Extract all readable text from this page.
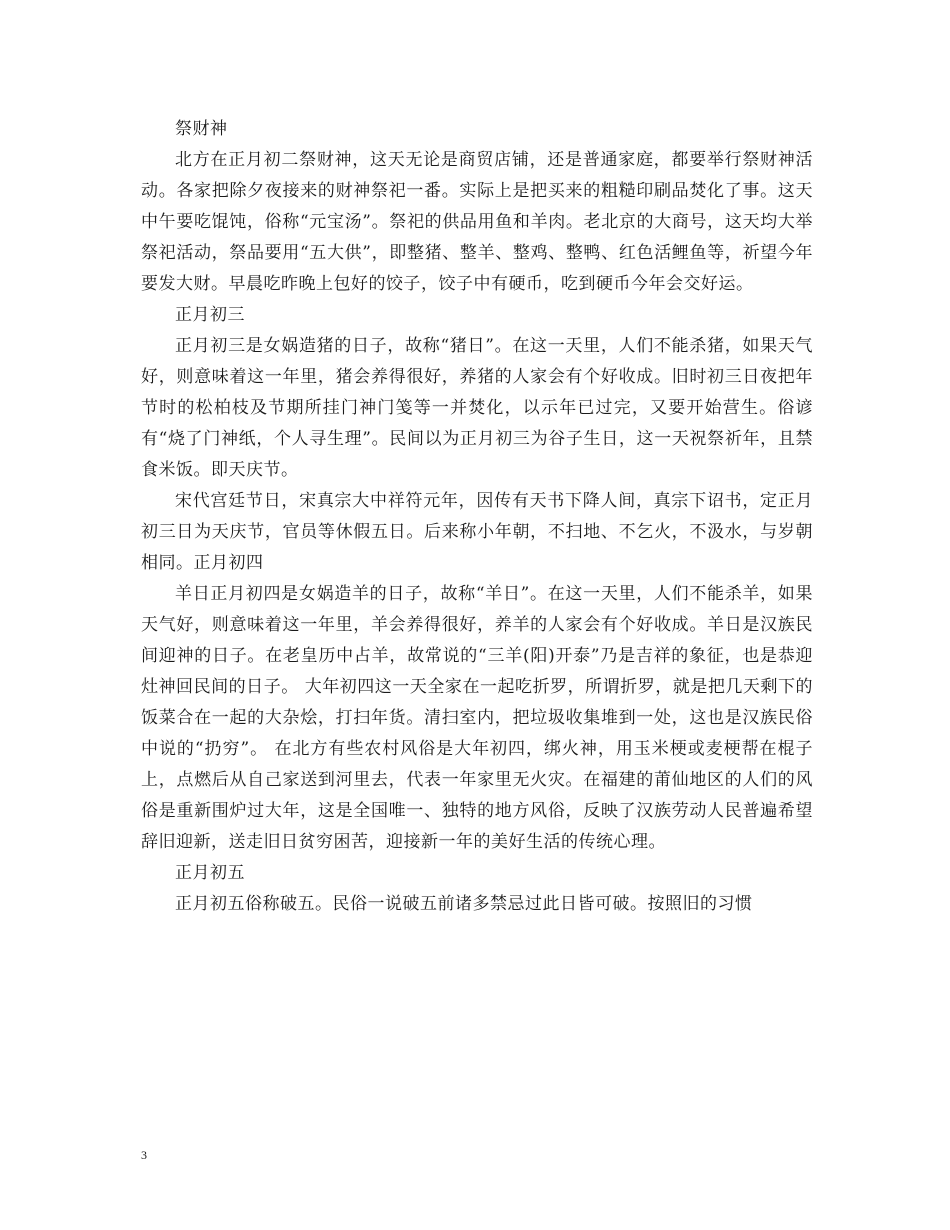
祭财神

北方在正月初二祭财神，这天无论是商贸店铺，还是普通家庭，都要举行祭财神活动。各家把除夕夜接来的财神祭祀一番。实际上是把买来的粗糙印刷品焚化了事。这天中午要吃馄饨，俗称“元宝汤”。祭祀的供品用鱼和羊肉。老北京的大商号，这天均大举祭祀活动，祭品要用“五大供”，即整猪、整羊、整鸡、整鸭、红色活鲤鱼等，祈望今年要发大财。早晨吃昨晚上包好的饺子，饺子中有硬币，吃到硬币今年会交好运。

正月初三

正月初三是女娲造猪的日子，故称“猪日”。在这一天里，人们不能杀猪，如果天气好，则意味着这一年里，猪会养得很好，养猪的人家会有个好收成。旧时初三日夜把年节时的松柏枝及节期所挂门神门笺等一并焚化，以示年已过完，又要开始营生。俗谚有“烧了门神纸，个人寻生理”。民间以为正月初三为谷子生日，这一天祝祭祈年，且禁食米饭。即天庆节。

宋代宫廷节日，宋真宗大中祥符元年，因传有天书下降人间，真宗下诏书，定正月初三日为天庆节，官员等休假五日。后来称小年朝，不扫地、不乞火，不汲水，与岁朝相同。正月初四

羊日正月初四是女娲造羊的日子，故称“羊日”。在这一天里，人们不能杀羊，如果天气好，则意味着这一年里，羊会养得很好，养羊的人家会有个好收成。羊日是汉族民间迎神的日子。在老皇历中占羊，故常说的“三羊(阳)开泰”乃是吉祥的象征，也是恭迎灶神回民间的日子。 大年初四这一天全家在一起吃折罗，所谓折罗，就是把几天剩下的饭菜合在一起的大杂烩，打扫年货。清扫室内，把垃圾收集堆到一处，这也是汉族民俗中说的“扔穷”。 在北方有些农村风俗是大年初四，绑火神，用玉米梗或麦梗帮在棍子上，点燃后从自己家送到河里去，代表一年家里无火灾。在福建的莆仙地区的人们的风俗是重新围炉过大年，这是全国唯一、独特的地方风俗，反映了汉族劳动人民普遍希望辞旧迎新，送走旧日贫穷困苦，迎接新一年的美好生活的传统心理。

正月初五

正月初五俗称破五。民俗一说破五前诸多禁忌过此日皆可破。按照旧的习惯

3
